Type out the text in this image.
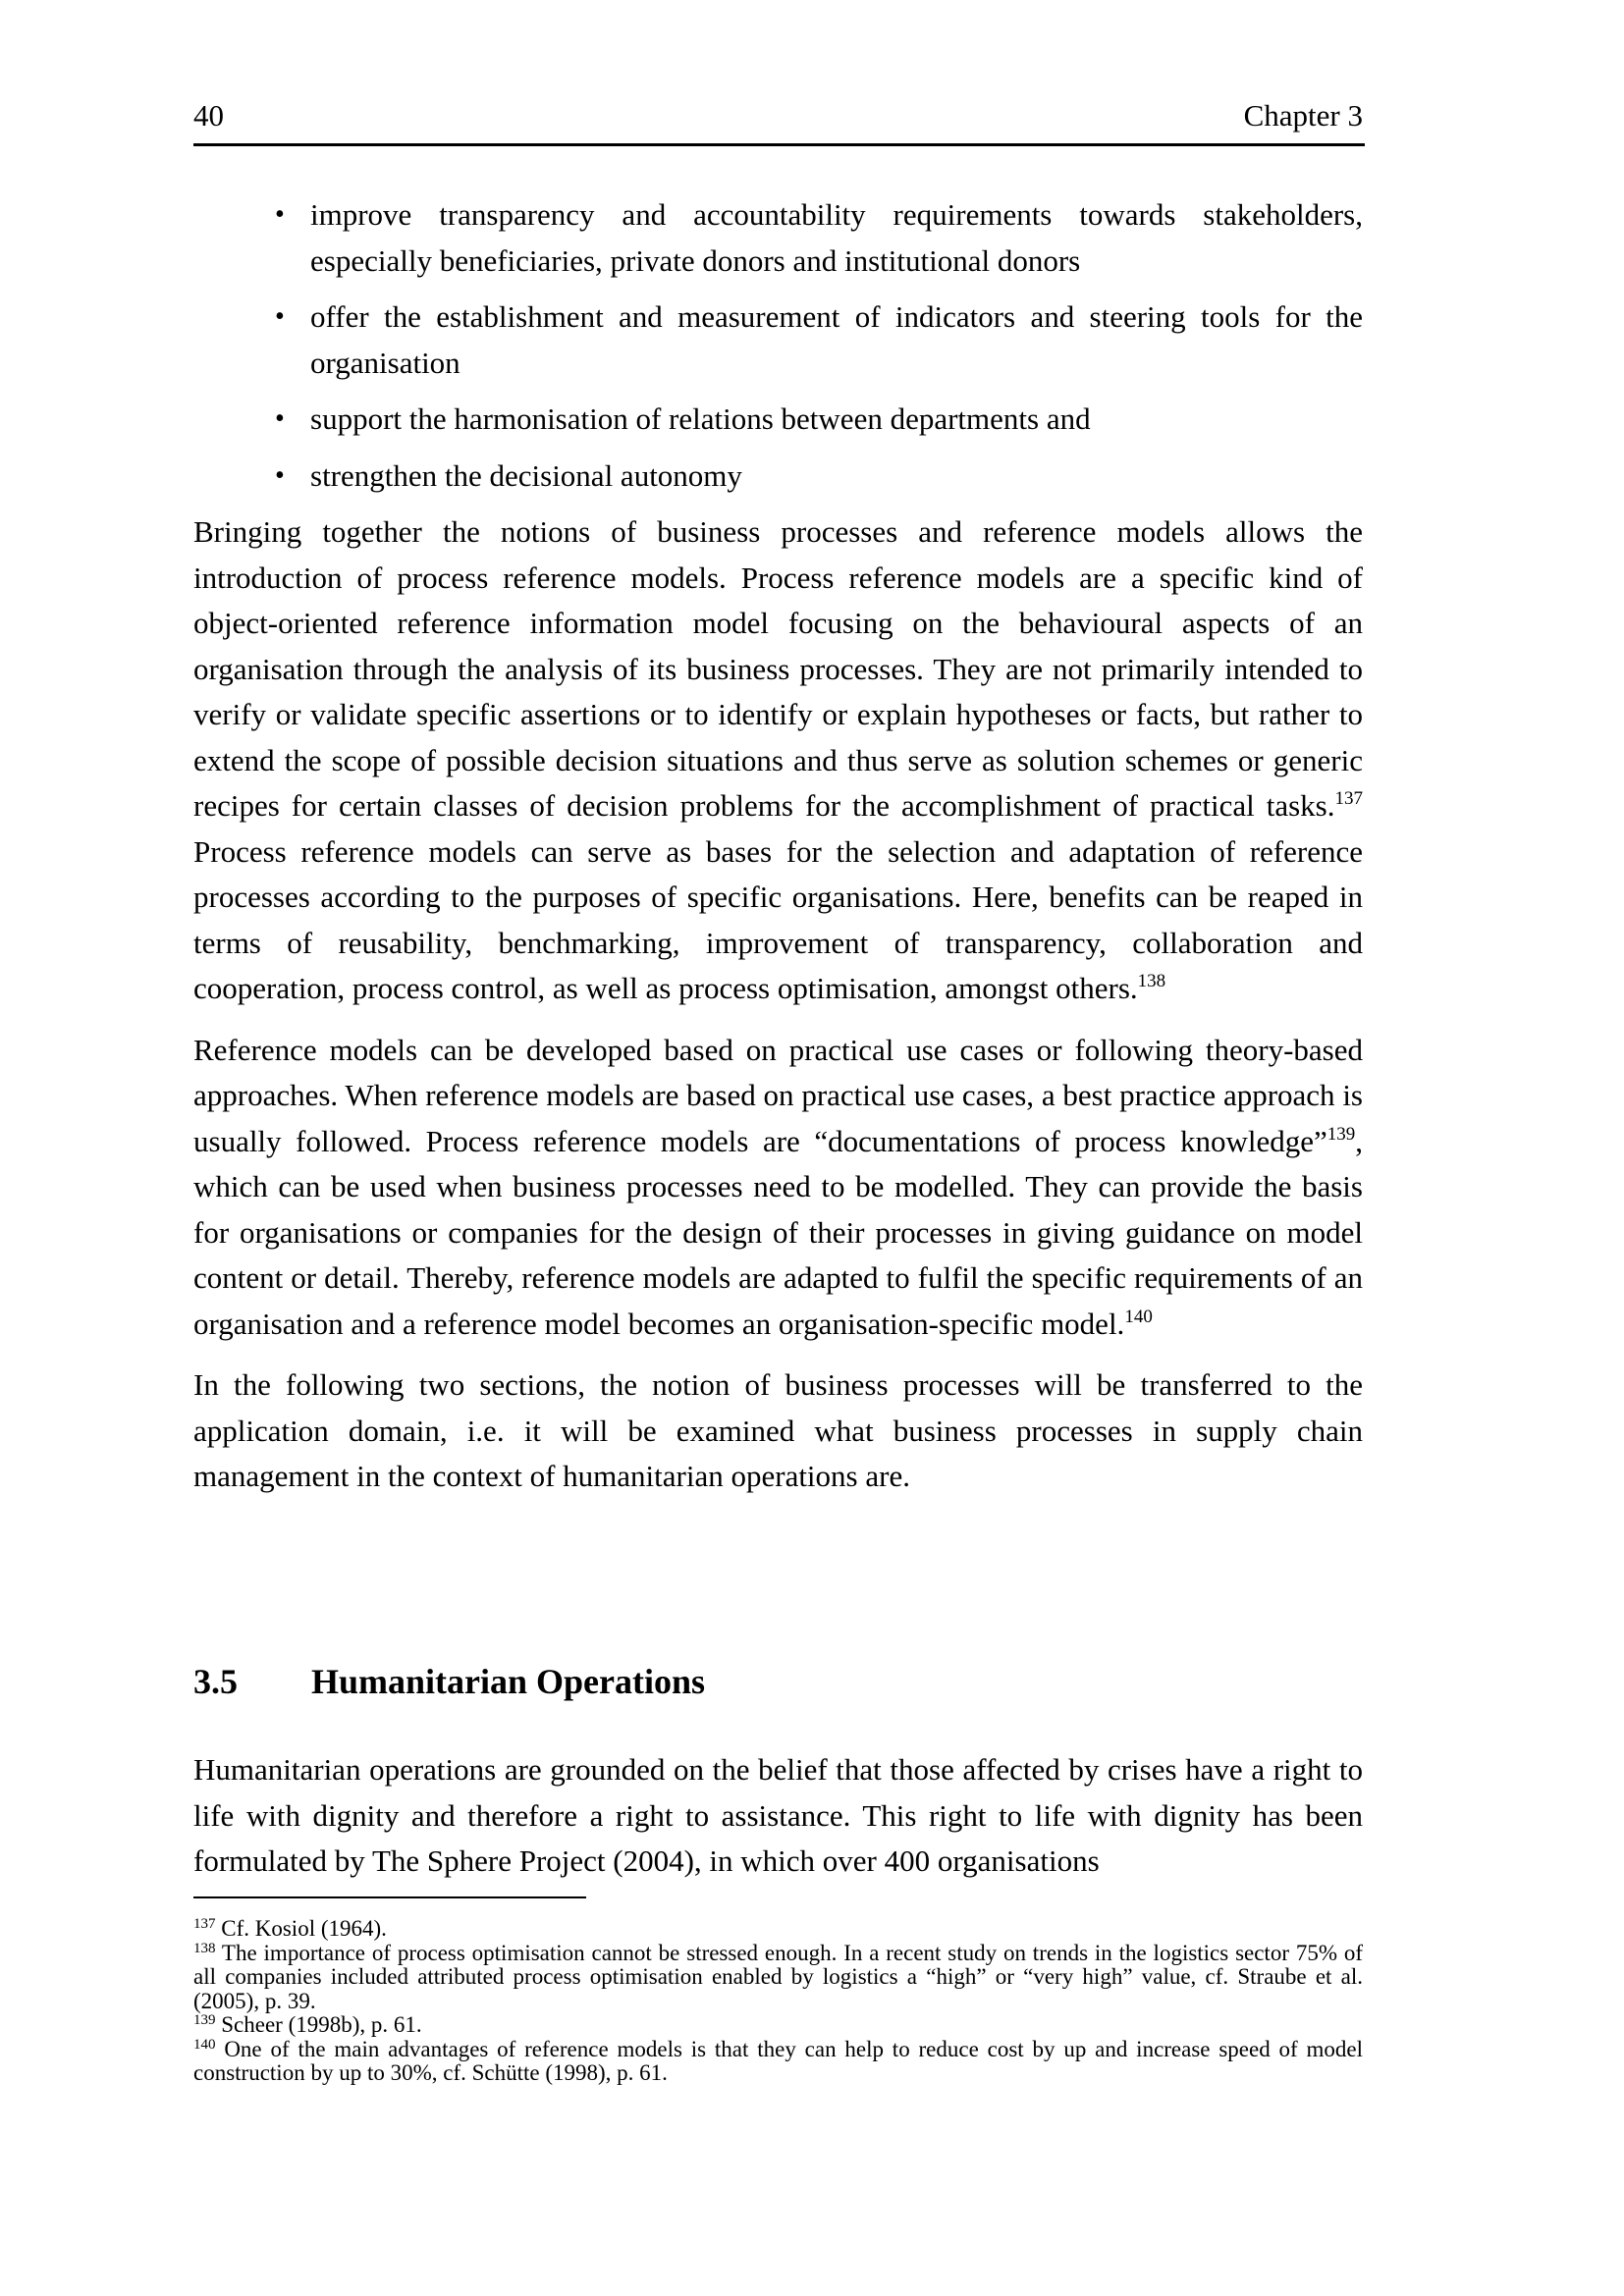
40	Chapter 3
• improve transparency and accountability requirements towards stakeholders, especially beneficiaries, private donors and institutional donors
• offer the establishment and measurement of indicators and steering tools for the organisation
• support the harmonisation of relations between departments and
• strengthen the decisional autonomy

Bringing together the notions of business processes and reference models allows the introduction of process reference models. Process reference models are a specific kind of object-oriented reference information model focusing on the behavioural aspects of an organisation through the analysis of its business processes. They are not primarily intended to verify or validate specific assertions or to identify or explain hypotheses or facts, but rather to extend the scope of possible decision situations and thus serve as solution schemes or generic recipes for certain classes of decision problems for the accomplishment of practical tasks.$^{137}$ Process reference models can serve as bases for the selection and adaptation of reference processes according to the purposes of specific organisations. Here, benefits can be reaped in terms of reusability, benchmarking, improvement of transparency, collaboration and cooperation, process control, as well as process optimisation, amongst others.$^{138}$

Reference models can be developed based on practical use cases or following theory-based approaches. When reference models are based on practical use cases, a best practice approach is usually followed. Process reference models are “documentations of process knowledge”$^{139}$, which can be used when business processes need to be modelled. They can provide the basis for organisations or companies for the design of their processes in giving guidance on model content or detail. Thereby, reference models are adapted to fulfil the specific requirements of an organisation and a reference model becomes an organisation-specific model.$^{140}$

In the following two sections, the notion of business processes will be transferred to the application domain, i.e. it will be examined what business processes in supply chain management in the context of humanitarian operations are.

3.5 Humanitarian Operations

Humanitarian operations are grounded on the belief that those affected by crises have a right to life with dignity and therefore a right to assistance. This right to life with dignity has been formulated by The Sphere Project (2004), in which over 400 organisations

$^{137}$ Cf. Kosiol (1964).

$^{138}$ The importance of process optimisation cannot be stressed enough. In a recent study on trends in the logistics sector 75% of all companies included attributed process optimisation enabled by logistics a “high” or “very high” value, cf. Straube et al. (2005), p. 39.

$^{139}$ Scheer (1998b), p. 61.

$^{140}$ One of the main advantages of reference models is that they can help to reduce cost by up and increase speed of model construction by up to 30%, cf. Schütte (1998), p. 61.
